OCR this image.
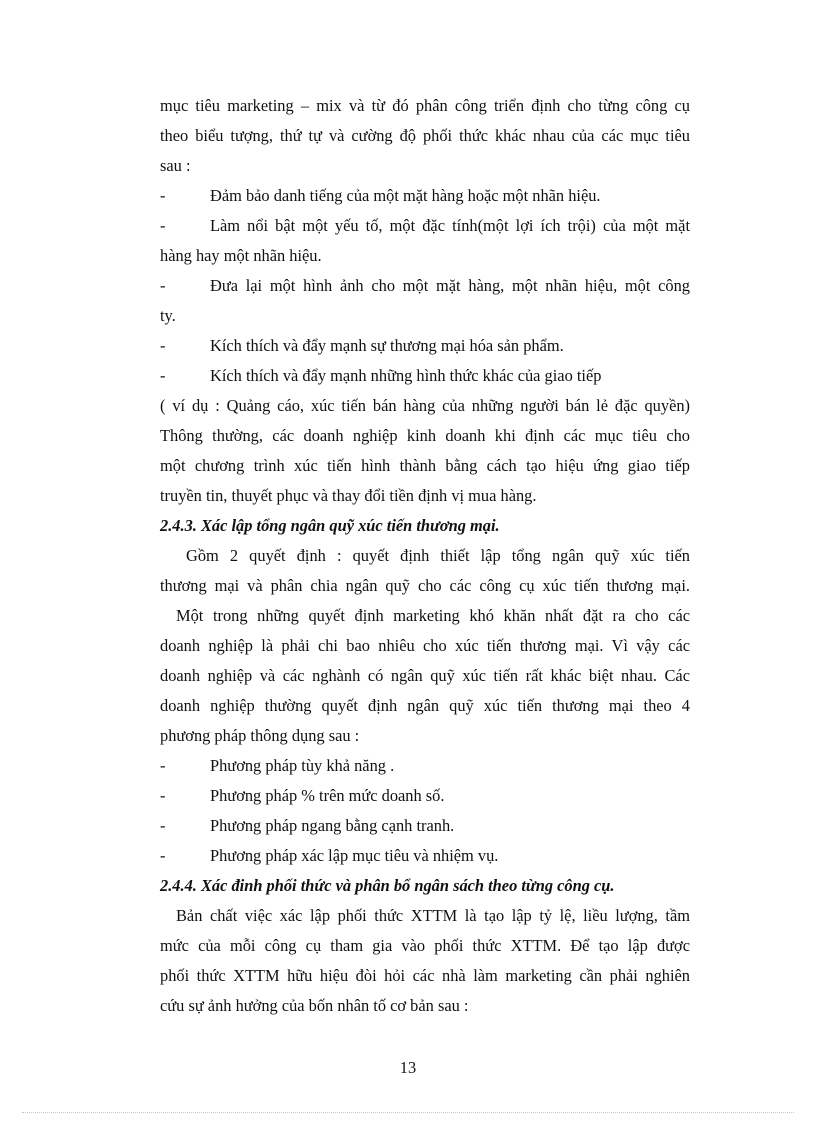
mục tiêu marketing – mix và từ đó phân công triển định cho từng công cụ
theo biểu tượng, thứ tự và cường độ phối thức khác nhau của các mục tiêu
sau :
-	Đảm bảo danh tiếng của một mặt hàng hoặc một nhãn hiệu.
-	Làm nổi bật một yếu tố, một đặc tính(một lợi ích trội) của một mặt
hàng hay một nhãn hiệu.
-	Đưa lại một hình ảnh cho một mặt hàng, một nhãn hiệu, một công
ty.
-	Kích thích và đẩy mạnh sự thương mại hóa sản phẩm.
-	Kích thích và đẩy mạnh những hình thức khác của giao tiếp
( ví dụ : Quảng cáo, xúc tiến bán hàng của những người bán lẻ đặc quyền)
Thông thường, các doanh nghiệp kinh doanh khi định các mục tiêu cho
một chương trình xúc tiến hình thành bằng cách tạo hiệu ứng giao tiếp
truyền tin, thuyết phục và thay đổi tiền định vị mua hàng.
2.4.3. Xác lập tổng ngân quỹ xúc tiến thương mại.
Gồm 2 quyết định : quyết định thiết lập tổng ngân quỹ xúc tiến
thương mại và phân chia ngân quỹ cho các công cụ xúc tiến thương mại.
Một trong những quyết định marketing khó khăn nhất đặt ra cho các
doanh nghiệp là phải chi bao nhiêu cho xúc tiến thương mại. Vì vậy các
doanh nghiệp và các nghành có ngân quỹ xúc tiến rất khác biệt nhau. Các
doanh nghiệp thường quyết định ngân quỹ xúc tiến thương mại theo 4
phương pháp thông dụng sau :
-	Phương pháp tùy khả năng .
-	Phương pháp % trên mức doanh số.
-	Phương pháp ngang bằng cạnh tranh.
-	Phương pháp xác lập mục tiêu và nhiệm vụ.
2.4.4. Xác đinh phối thức và phân bổ ngân sách theo từng công cụ.
Bản chất việc xác lập phối thức XTTM là tạo lập tỷ lệ, liều lượng, tầm
mức của mỗi công cụ tham gia vào phối thức XTTM. Để tạo lập được
phối thức XTTM hữu hiệu đòi hỏi các nhà làm marketing cần phải nghiên
cứu sự ảnh hưởng của bốn nhân tố cơ bản sau :
13
